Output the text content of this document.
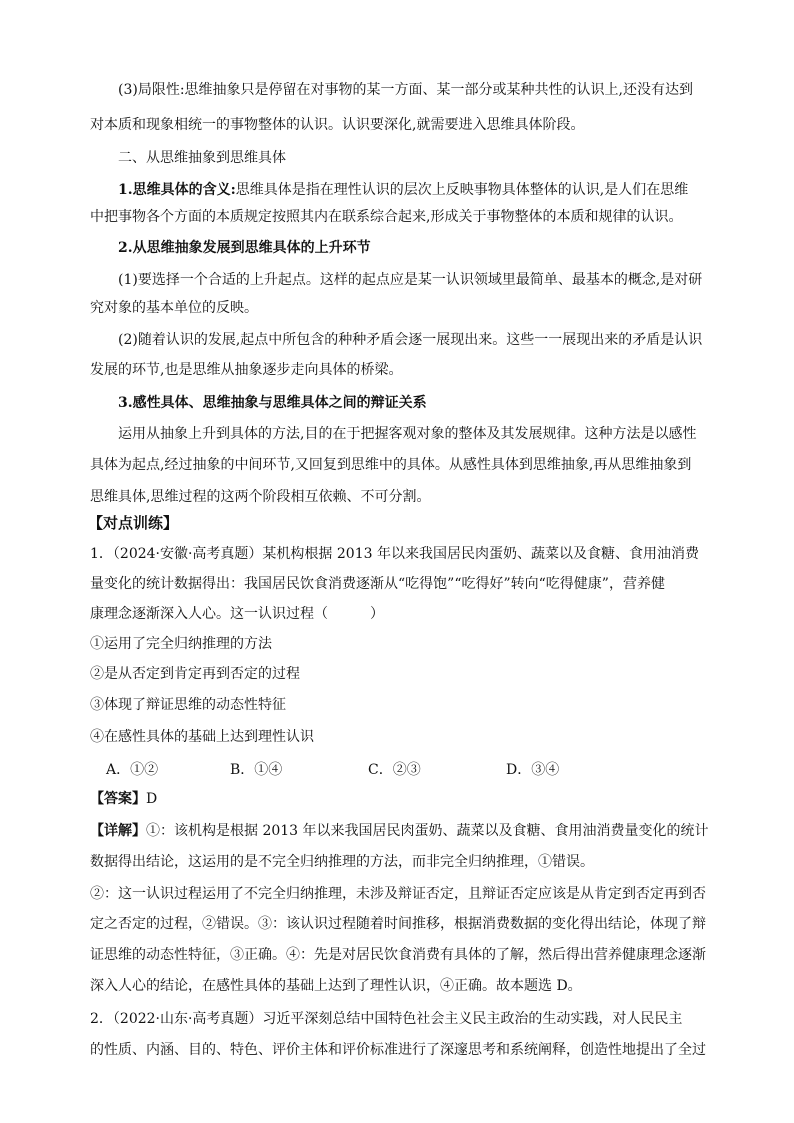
(3)局限性:思维抽象只是停留在对事物的某一方面、某一部分或某种共性的认识上,还没有达到
对本质和现象相统一的事物整体的认识。认识要深化,就需要进入思维具体阶段。
二、从思维抽象到思维具体
1.思维具体的含义:思维具体是指在理性认识的层次上反映事物具体整体的认识,是人们在思维
中把事物各个方面的本质规定按照其内在联系综合起来,形成关于事物整体的本质和规律的认识。
2.从思维抽象发展到思维具体的上升环节
(1)要选择一个合适的上升起点。这样的起点应是某一认识领域里最简单、最基本的概念,是对研
究对象的基本单位的反映。
(2)随着认识的发展,起点中所包含的种种矛盾会逐一展现出来。这些一一展现出来的矛盾是认识
发展的环节,也是思维从抽象逐步走向具体的桥梁。
3.感性具体、思维抽象与思维具体之间的辩证关系
运用从抽象上升到具体的方法,目的在于把握客观对象的整体及其发展规律。这种方法是以感性
具体为起点,经过抽象的中间环节,又回复到思维中的具体。从感性具体到思维抽象,再从思维抽象到
思维具体,思维过程的这两个阶段相互依赖、不可分割。
【对点训练】
1．（2024·安徽·高考真题）某机构根据 2013 年以来我国居民肉蛋奶、蔬菜以及食糖、食用油消费
量变化的统计数据得出：我国居民饮食消费逐渐从“吃得饱”“吃得好”转向“吃得健康”，营养健
康理念逐渐深入人心。这一认识过程（　　　）
①运用了完全归纳推理的方法
②是从否定到肯定再到否定的过程
③体现了辩证思维的动态性特征
④在感性具体的基础上达到理性认识
A．①②	B．①④	C．②③	D．③④
【答案】D
【详解】①：该机构是根据 2013 年以来我国居民肉蛋奶、蔬菜以及食糖、食用油消费量变化的统计
数据得出结论，这运用的是不完全归纳推理的方法，而非完全归纳推理，①错误。
②：这一认识过程运用了不完全归纳推理，未涉及辩证否定，且辩证否定应该是从肯定到否定再到否
定之否定的过程，②错误。③：该认识过程随着时间推移，根据消费数据的变化得出结论，体现了辩
证思维的动态性特征，③正确。④：先是对居民饮食消费有具体的了解，然后得出营养健康理念逐渐
深入人心的结论，在感性具体的基础上达到了理性认识，④正确。故本题选 D。
2．（2022·山东·高考真题）习近平深刻总结中国特色社会主义民主政治的生动实践，对人民民主
的性质、内涵、目的、特色、评价主体和评价标准进行了深邃思考和系统阐释，创造性地提出了全过
